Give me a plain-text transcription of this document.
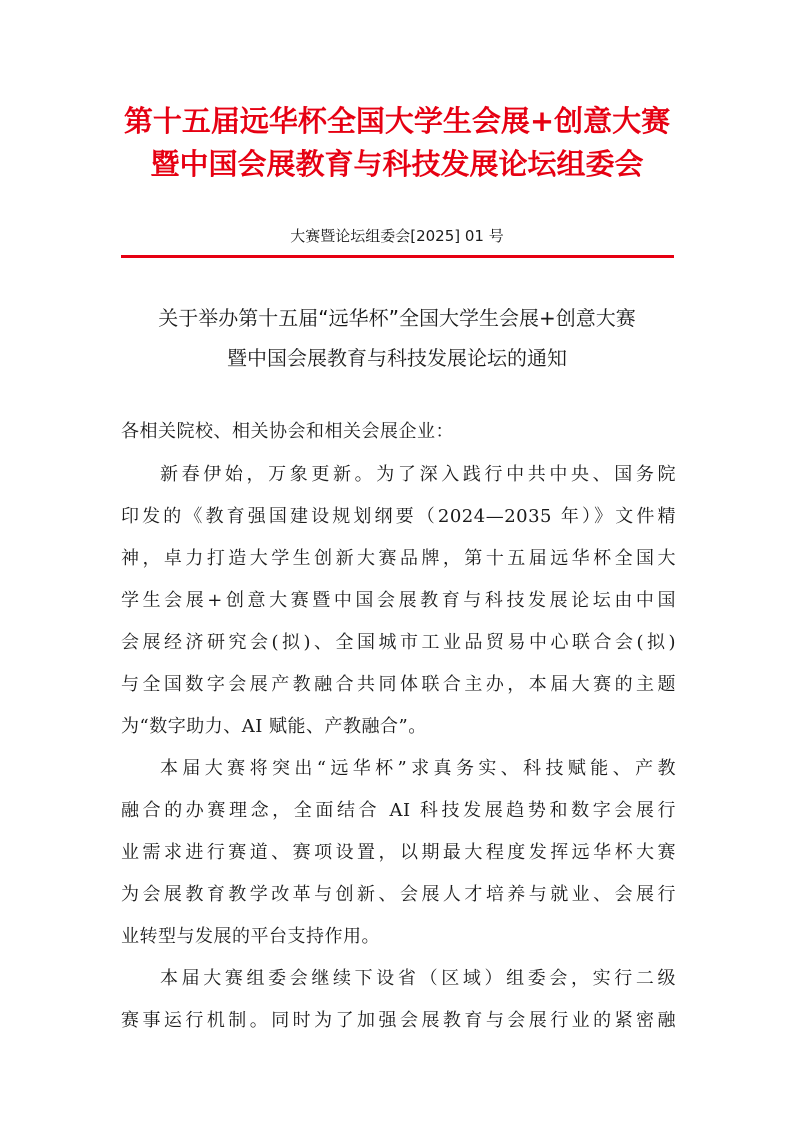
第十五届远华杯全国大学生会展+创意大赛
暨中国会展教育与科技发展论坛组委会
大赛暨论坛组委会[2025] 01 号
关于举办第十五届“远华杯”全国大学生会展+创意大赛
暨中国会展教育与科技发展论坛的通知
各相关院校、相关协会和相关会展企业：
新春伊始，万象更新。为了深入践行中共中央、国务院
印发的《教育强国建设规划纲要（2024—2035 年）》文件精
神，卓力打造大学生创新大赛品牌，第十五届远华杯全国大
学生会展+创意大赛暨中国会展教育与科技发展论坛由中国
会展经济研究会(拟)、全国城市工业品贸易中心联合会(拟)
与全国数字会展产教融合共同体联合主办，本届大赛的主题
为“数字助力、AI 赋能、产教融合”。
本届大赛将突出“远华杯”求真务实、科技赋能、产教
融合的办赛理念，全面结合 AI 科技发展趋势和数字会展行
业需求进行赛道、赛项设置，以期最大程度发挥远华杯大赛
为会展教育教学改革与创新、会展人才培养与就业、会展行
业转型与发展的平台支持作用。
本届大赛组委会继续下设省（区域）组委会，实行二级
赛事运行机制。同时为了加强会展教育与会展行业的紧密融
